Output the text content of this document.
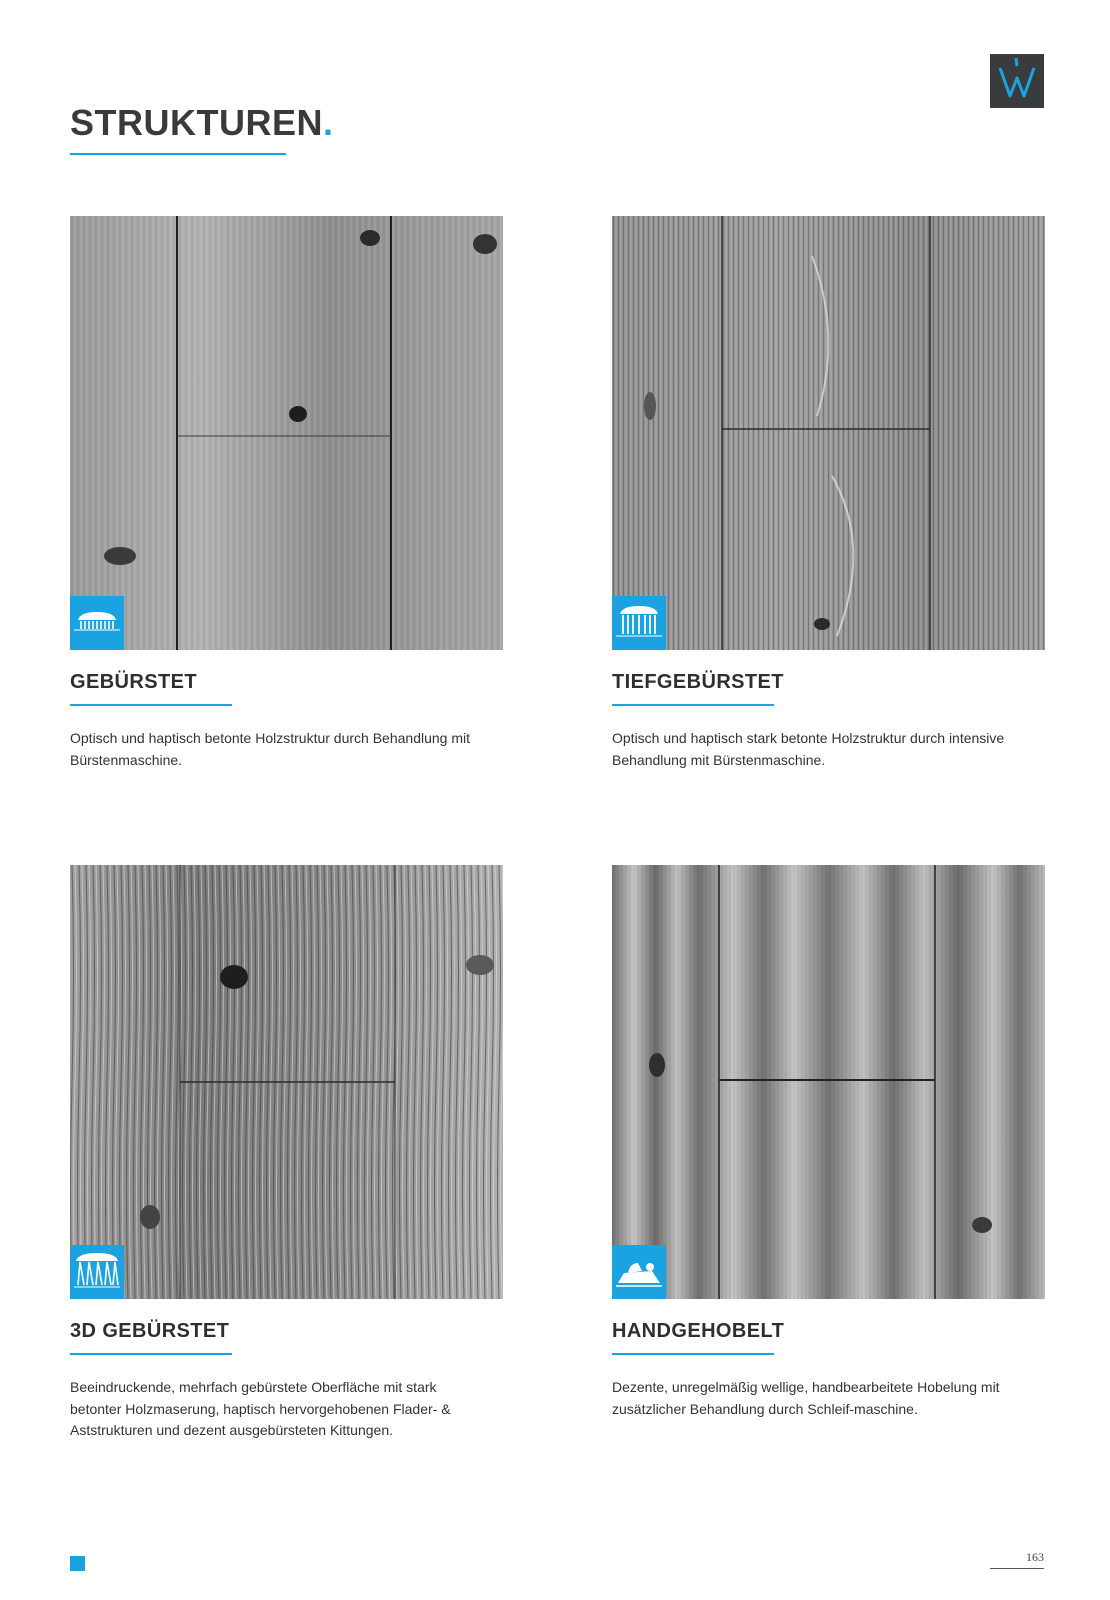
STRUKTUREN.
GEBÜRSTET

Optisch und haptisch betonte Holzstruktur durch Behandlung mit Bürstenmaschine.

TIEFGEBÜRSTET

Optisch und haptisch stark betonte Holzstruktur durch intensive Behandlung mit Bürstenmaschine.

3D GEBÜRSTET

Beeindruckende, mehrfach gebürstete Oberfläche mit stark betonter Holzmaserung, haptisch hervorgehobenen Flader- & Aststrukturen und dezent ausgebürsteten Kittungen.

HANDGEHOBELT

Dezente, unregelmäßig wellige, handbearbeitete Hobelung mit zusätzlicher Behandlung durch Schleif-maschine.

163
